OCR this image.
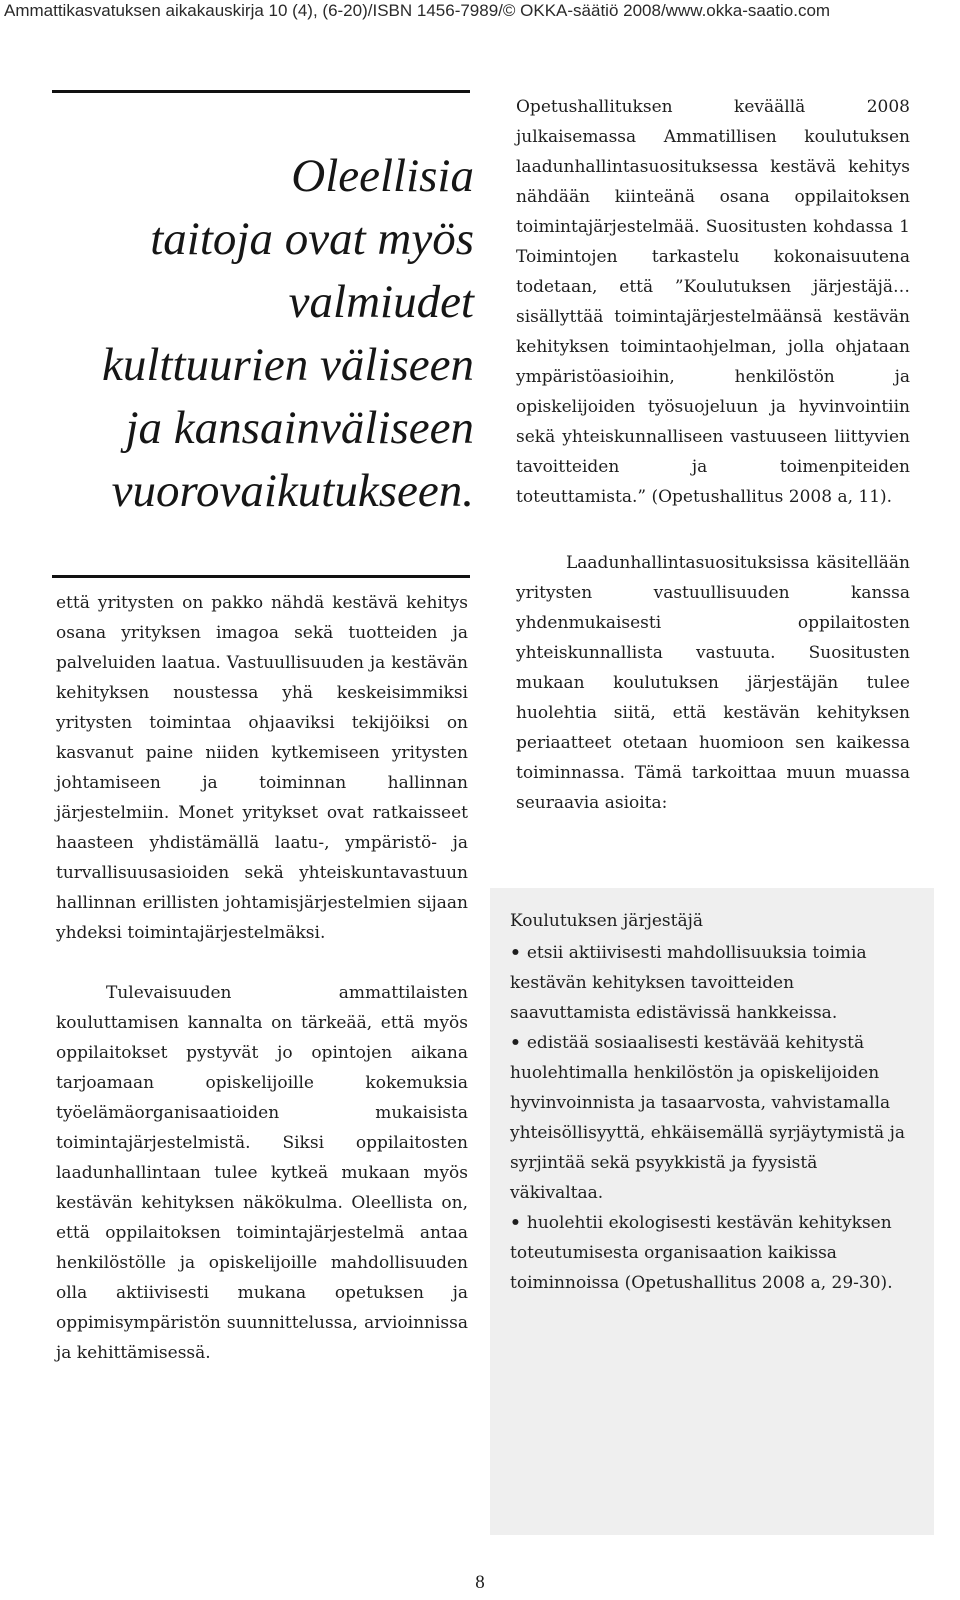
Ammattikasvatuksen aikakauskirja 10 (4), (6-20)/ISBN 1456-7989/© OKKA-säätiö 2008/www.okka-saatio.com
Oleellisia
taitoja ovat myös
valmiudet
kulttuurien väliseen
ja kansainväliseen
vuorovaikutukseen.

että yritysten on pakko nähdä kestävä kehitys osana yrityksen imagoa sekä tuotteiden ja palveluiden laatua. Vastuullisuuden ja kestävän kehityksen noustessa yhä keskeisimmiksi yritysten toimintaa ohjaaviksi tekijöiksi on kasvanut paine niiden kytkemiseen yritysten johtamiseen ja toiminnan hallinnan järjestelmiin. Monet yritykset ovat ratkaisseet haasteen yhdistämällä laatu-, ympäristö- ja turvallisuusasioiden sekä yhteiskuntavastuun hallinnan erillisten johtamisjärjestelmien sijaan yhdeksi toimintajärjestelmäksi.

Tulevaisuuden ammattilaisten kouluttamisen kannalta on tärkeää, että myös oppilaitokset pystyvät jo opintojen aikana tarjoamaan opiskelijoille kokemuksia työelämäorganisaatioiden mukaisista toimintajärjestelmistä. Siksi oppilaitosten laadunhallintaan tulee kytkeä mukaan myös kestävän kehityksen näkökulma. Oleellista on, että oppilaitoksen toimintajärjestelmä antaa henkilöstölle ja opiskelijoille mahdollisuuden olla aktiivisesti mukana opetuksen ja oppimisympäristön suunnittelussa, arvioinnissa ja kehittämisessä.

Opetushallituksen keväällä 2008 julkaisemassa Ammatillisen koulutuksen laadunhallintasuosituksessa kestävä kehitys nähdään kiinteänä osana oppilaitoksen toimintajärjestelmää. Suositusten kohdassa 1 Toimintojen tarkastelu kokonaisuutena todetaan, että ”Koulutuksen järjestäjä… sisällyttää toimintajärjestelmäänsä kestävän kehityksen toimintaohjelman, jolla ohjataan ympäristöasioihin, henkilöstön ja opiskelijoiden työsuojeluun ja hyvinvointiin sekä yhteiskunnalliseen vastuuseen liittyvien tavoitteiden ja toimenpiteiden toteuttamista.” (Opetushallitus 2008 a, 11).

Laadunhallintasuosituksissa käsitellään yritysten vastuullisuuden kanssa yhdenmukaisesti oppilaitosten yhteiskunnallista vastuuta. Suositusten mukaan koulutuksen järjestäjän tulee huolehtia siitä, että kestävän kehityksen periaatteet otetaan huomioon sen kaikessa toiminnassa. Tämä tarkoittaa muun muassa seuraavia asioita:

Koulutuksen järjestäjä

• etsii aktiivisesti mahdollisuuksia toimia kestävän kehityksen tavoitteiden saavuttamista edistävissä hankkeissa.

• edistää sosiaalisesti kestävää kehitystä huolehtimalla henkilöstön ja opiskelijoiden hyvinvoinnista ja tasaarvosta, vahvistamalla yhteisöllisyyttä, ehkäisemällä syrjäytymistä ja syrjintää sekä psyykkistä ja fyysistä väkivaltaa.

• huolehtii ekologisesti kestävän kehityksen toteutumisesta organisaation kaikissa toiminnoissa (Opetushallitus 2008 a, 29-30).

8
